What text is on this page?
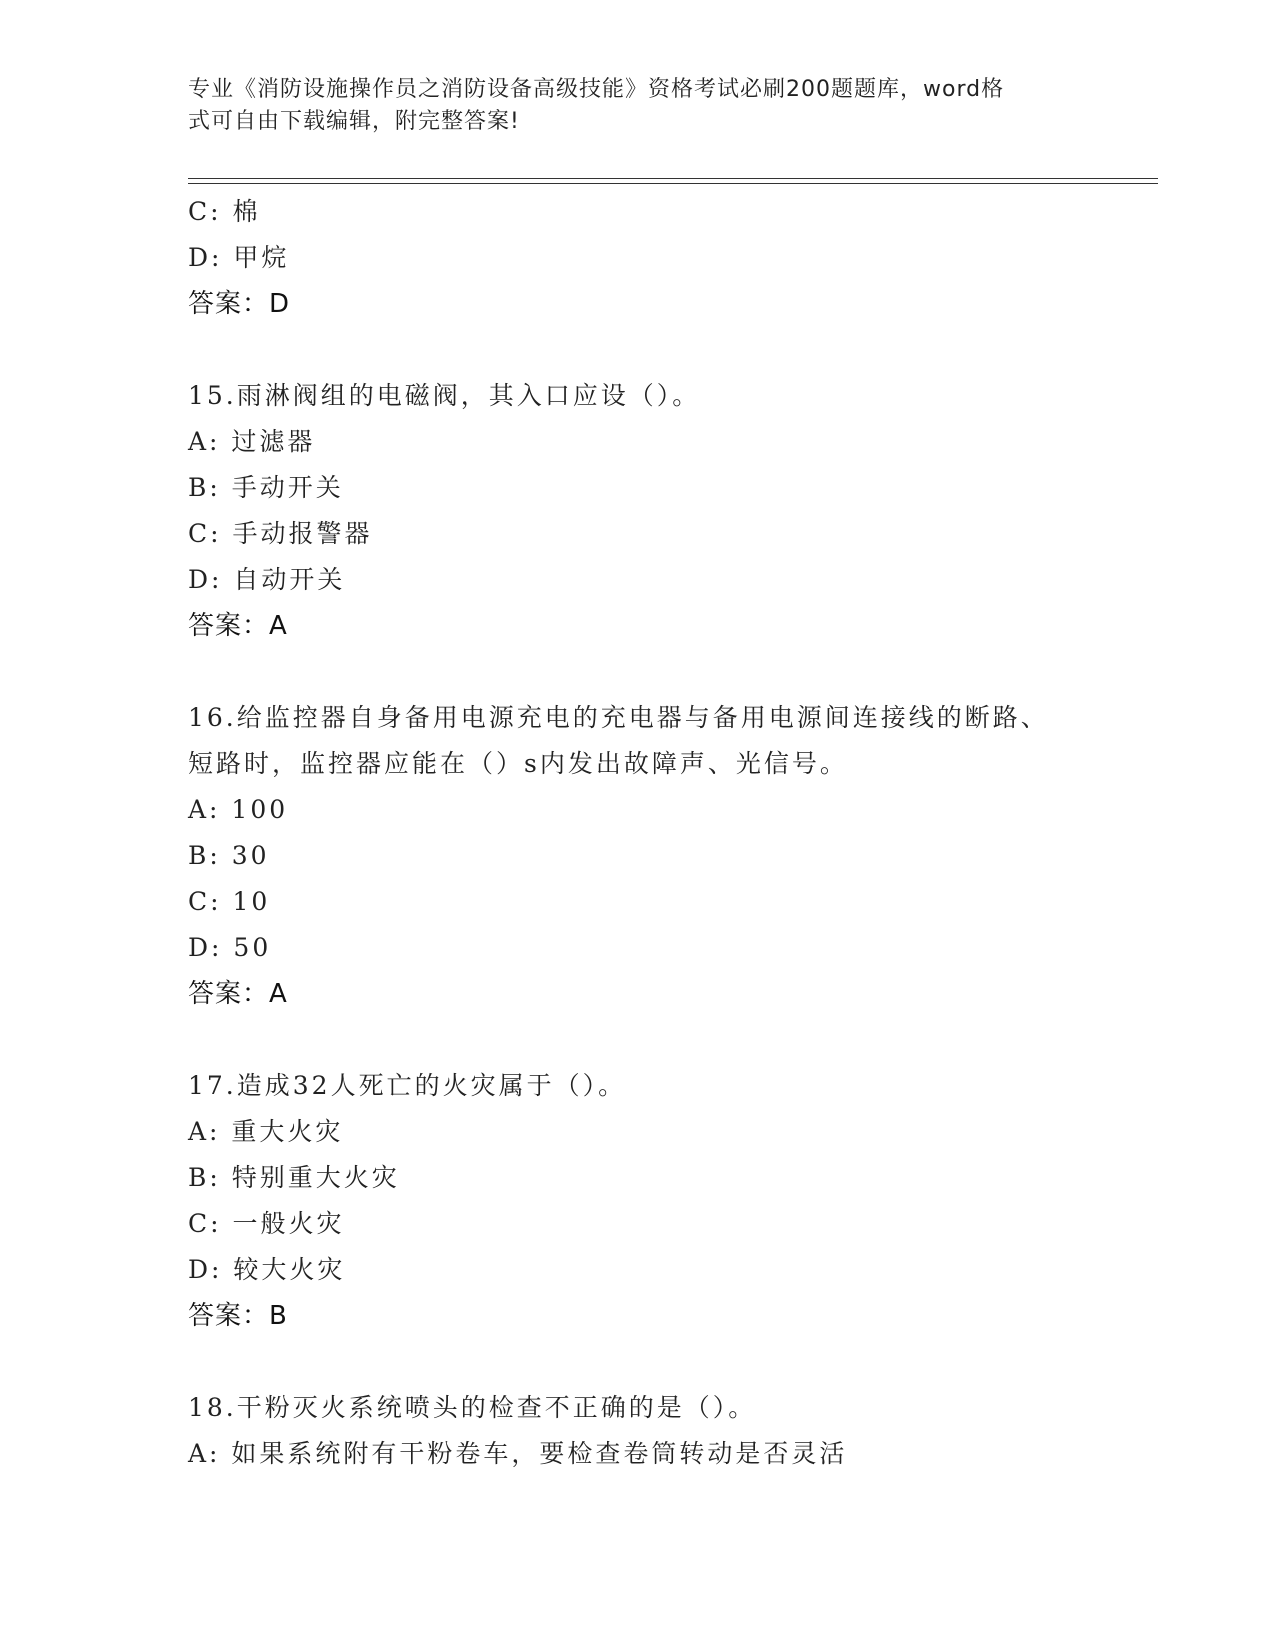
专业《消防设施操作员之消防设备高级技能》资格考试必刷200题题库，word格
式可自由下载编辑，附完整答案!
C: 棉
D: 甲烷
答案：D
15.雨淋阀组的电磁阀，其入口应设（）。
A: 过滤器
B: 手动开关
C: 手动报警器
D: 自动开关
答案：A
16.给监控器自身备用电源充电的充电器与备用电源间连接线的断路、
短路时，监控器应能在（）s内发出故障声、光信号。
A: 100
B: 30
C: 10
D: 50
答案：A
17.造成32人死亡的火灾属于（）。
A: 重大火灾
B: 特别重大火灾
C: 一般火灾
D: 较大火灾
答案：B
18.干粉灭火系统喷头的检查不正确的是（）。
A: 如果系统附有干粉卷车，要检查卷筒转动是否灵活
